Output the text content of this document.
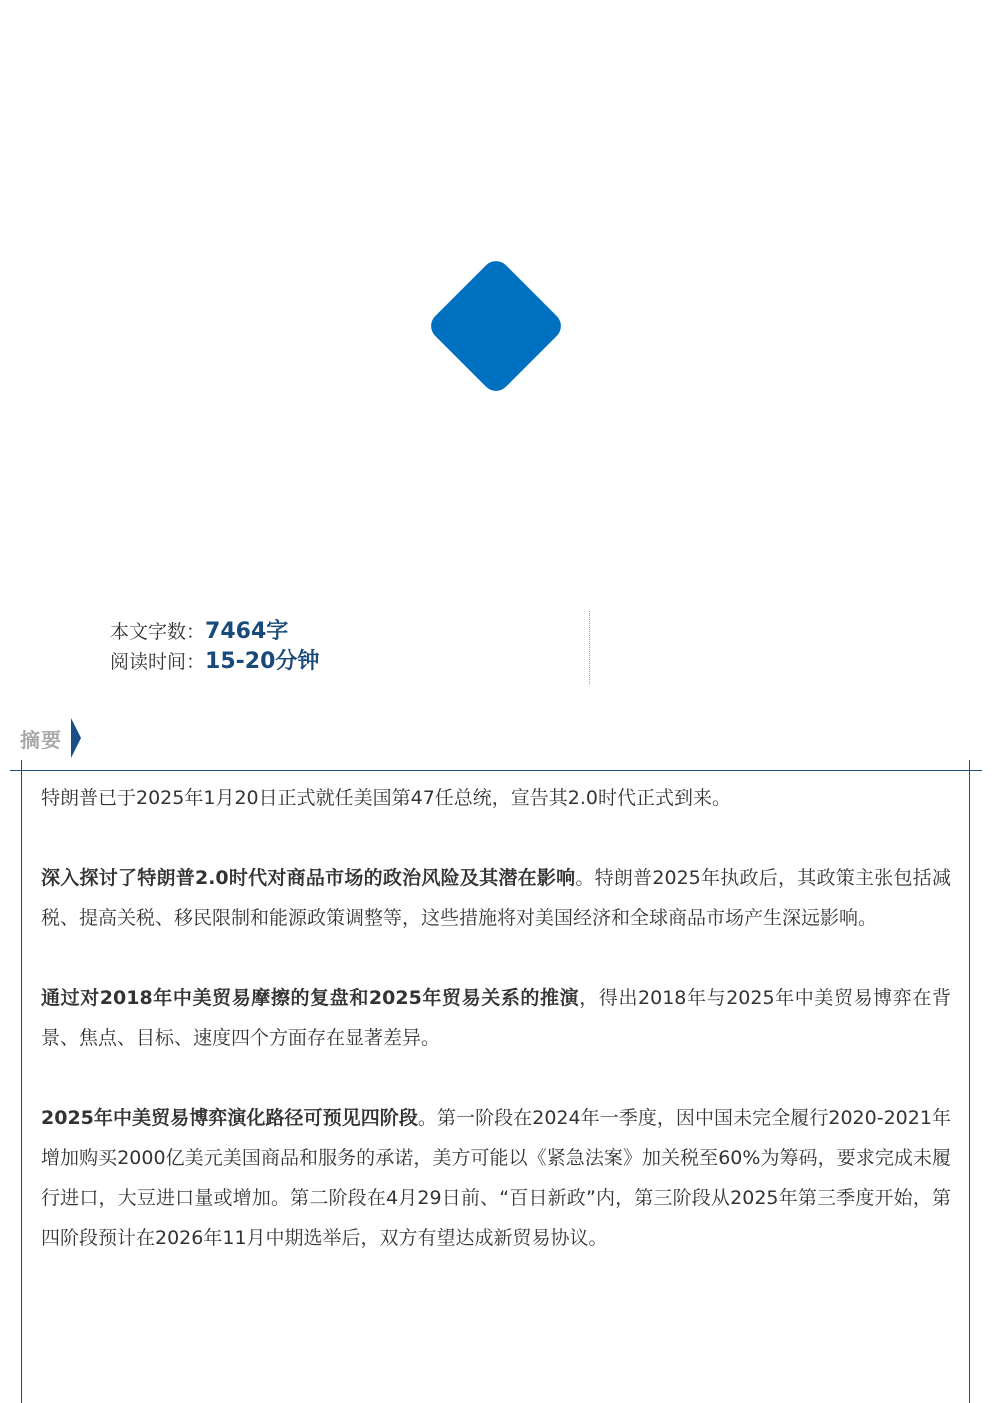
本文字数：7464字
阅读时间：15-20分钟
摘要

特朗普已于2025年1月20日正式就任美国第47任总统，宣告其2.0时代正式到来。

深入探讨了特朗普2.0时代对商品市场的政治风险及其潜在影响。特朗普2025年执政后，其政策主张包括减税、提高关税、移民限制和能源政策调整等，这些措施将对美国经济和全球商品市场产生深远影响。

通过对2018年中美贸易摩擦的复盘和2025年贸易关系的推演，得出2018年与2025年中美贸易博弈在背景、焦点、目标、速度四个方面存在显著差异。

2025年中美贸易博弈演化路径可预见四阶段。第一阶段在2024年一季度，因中国未完全履行2020-2021年增加购买2000亿美元美国商品和服务的承诺，美方可能以《紧急法案》加关税至60%为筹码，要求完成未履行进口，大豆进口量或增加。第二阶段在4月29日前、“百日新政”内，第三阶段从2025年第三季度开始，第四阶段预计在2026年11月中期选举后，双方有望达成新贸易协议。
